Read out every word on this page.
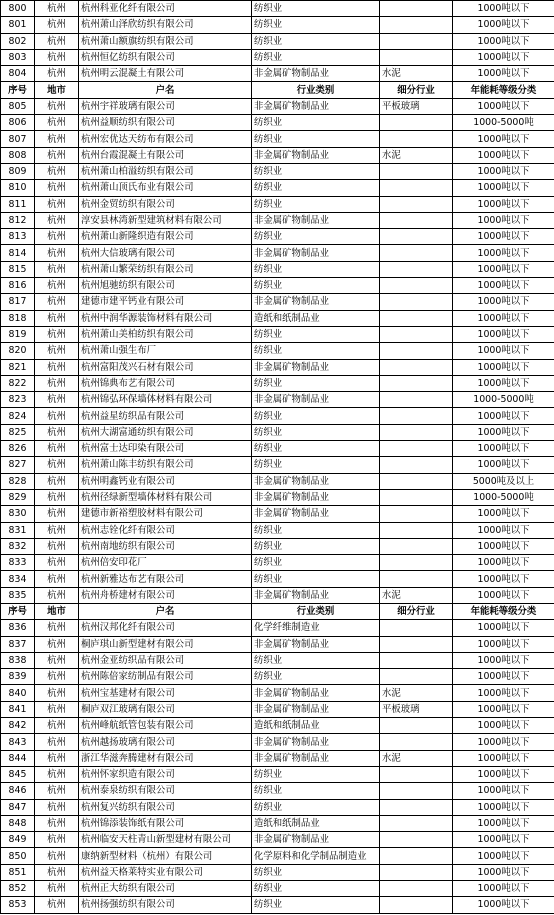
800	杭州	杭州科亚化纤有限公司	纺织业		1000吨以下
801	杭州	杭州萧山泽欣纺织有限公司	纺织业		1000吨以下
802	杭州	杭州萧山额旗纺织有限公司	纺织业		1000吨以下
803	杭州	杭州恒亿纺织有限公司	纺织业		1000吨以下
804	杭州	杭州明云混凝土有限公司	非金属矿物制品业	水泥	1000吨以下
序号	地市	户名	行业类别	细分行业	年能耗等级分类
805	杭州	杭州宇祥玻璃有限公司	非金属矿物制品业	平板玻璃	1000吨以下
806	杭州	杭州益顺纺织有限公司	纺织业		1000-5000吨
807	杭州	杭州宏优达天纺布有限公司	纺织业		1000吨以下
808	杭州	杭州台霞混凝土有限公司	非金属矿物制品业	水泥	1000吨以下
809	杭州	杭州萧山柏溢纺织有限公司	纺织业		1000吨以下
810	杭州	杭州萧山顶氏布业有限公司	纺织业		1000吨以下
811	杭州	杭州金贸纺织有限公司	纺织业		1000吨以下
812	杭州	淳安县林湾新型建筑材料有限公司	非金属矿物制品业		1000吨以下
813	杭州	杭州萧山新隆织造有限公司	纺织业		1000吨以下
814	杭州	杭州大信玻璃有限公司	非金属矿物制品业		1000吨以下
815	杭州	杭州萧山繁荣纺织有限公司	纺织业		1000吨以下
816	杭州	杭州旭驰纺织有限公司	纺织业		1000吨以下
817	杭州	建德市建平钙业有限公司	非金属矿物制品业		1000吨以下
818	杭州	杭州中润华源装饰材料有限公司	造纸和纸制品业		1000吨以下
819	杭州	杭州萧山美柏纺织有限公司	纺织业		1000吨以下
820	杭州	杭州萧山强生布厂	纺织业		1000吨以下
821	杭州	杭州富阳茂兴石材有限公司	非金属矿物制品业		1000吨以下
822	杭州	杭州锦典布艺有限公司	纺织业		1000吨以下
823	杭州	杭州锦弘环保墙体材料有限公司	非金属矿物制品业		1000-5000吨
824	杭州	杭州益星纺织品有限公司	纺织业		1000吨以下
825	杭州	杭州大湖富通纺织有限公司	纺织业		1000吨以下
826	杭州	杭州富士达印染有限公司	纺织业		1000吨以下
827	杭州	杭州萧山陈丰纺织有限公司	纺织业		1000吨以下
828	杭州	杭州明鑫钙业有限公司	非金属矿物制品业		5000吨及以上
829	杭州	杭州径绿新型墙体材料有限公司	非金属矿物制品业		1000-5000吨
830	杭州	建德市新裕塑胶材料有限公司	非金属矿物制品业		1000吨以下
831	杭州	杭州志铨化纤有限公司	纺织业		1000吨以下
832	杭州	杭州南地纺织有限公司	纺织业		1000吨以下
833	杭州	杭州倍安印花厂	纺织业		1000吨以下
834	杭州	杭州新雅达布艺有限公司	纺织业		1000吨以下
835	杭州	杭州舟桥建材有限公司	非金属矿物制品业	水泥	1000吨以下
序号	地市	户名	行业类别	细分行业	年能耗等级分类
836	杭州	杭州汉邦化纤有限公司	化学纤维制造业		1000吨以下
837	杭州	桐庐琪山新型建材有限公司	非金属矿物制品业		1000吨以下
838	杭州	杭州金亚纺织品有限公司	纺织业		1000吨以下
839	杭州	杭州陈倍家纺制品有限公司	纺织业		1000吨以下
840	杭州	杭州宝基建材有限公司	非金属矿物制品业	水泥	1000吨以下
841	杭州	桐庐双江玻璃有限公司	非金属矿物制品业	平板玻璃	1000吨以下
842	杭州	杭州峰航纸管包装有限公司	造纸和纸制品业		1000吨以下
843	杭州	杭州越扬玻璃有限公司	非金属矿物制品业		1000吨以下
844	杭州	浙江华滋奔腾建材有限公司	非金属矿物制品业	水泥	1000吨以下
845	杭州	杭州怀家织造有限公司	纺织业		1000吨以下
846	杭州	杭州泰泉纺织有限公司	纺织业		1000吨以下
847	杭州	杭州复兴纺织有限公司	纺织业		1000吨以下
848	杭州	杭州锦添装饰纸有限公司	造纸和纸制品业		1000吨以下
849	杭州	杭州临安天柱青山新型建材有限公司	非金属矿物制品业		1000吨以下
850	杭州	康纳新型材料（杭州）有限公司	化学原料和化学制品制造业		1000吨以下
851	杭州	杭州益天格莱特实业有限公司	纺织业		1000吨以下
852	杭州	杭州正大纺织有限公司	纺织业		1000吨以下
853	杭州	杭州扬强纺织有限公司	纺织业		1000吨以下
